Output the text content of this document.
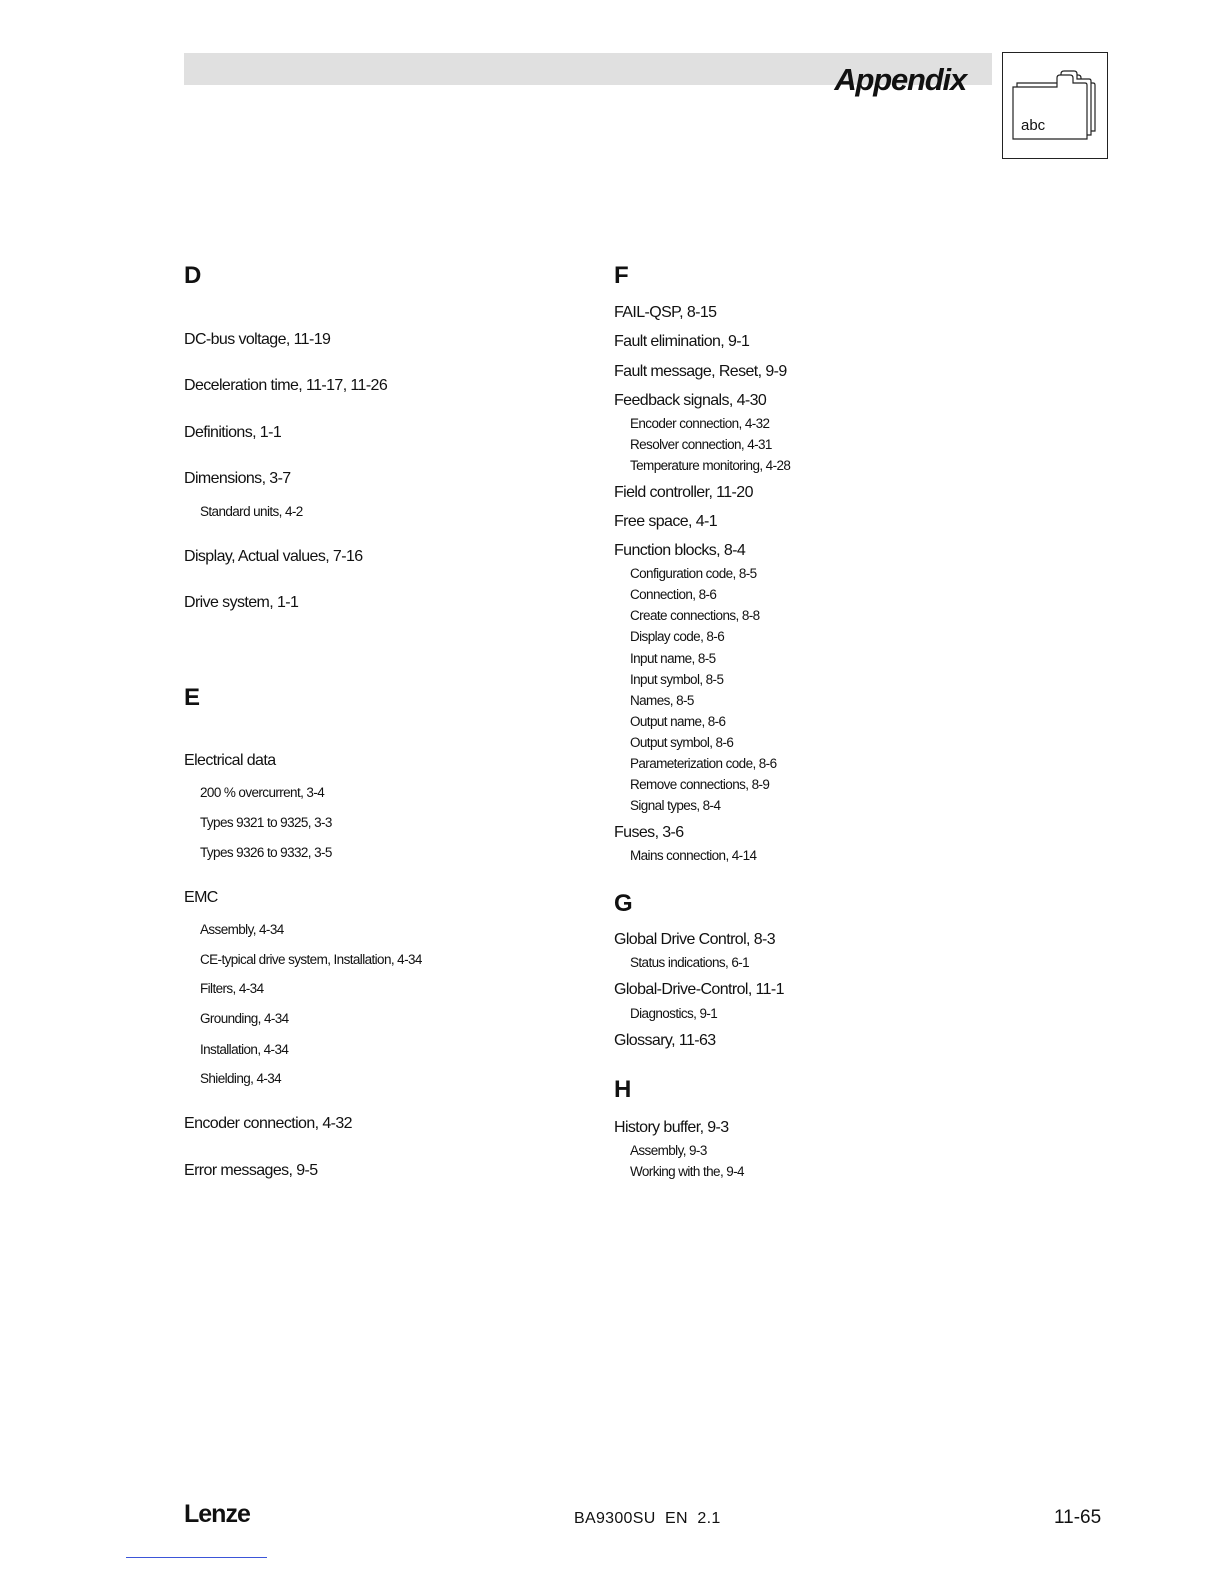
Appendix
abc
D
DC-bus voltage, 11-19
Deceleration time, 11-17, 11-26
Definitions, 1-1
Dimensions, 3-7
Standard units, 4-2
Display, Actual values, 7-16
Drive system, 1-1
E
Electrical data
200 % overcurrent, 3-4
Types 9321 to 9325, 3-3
Types 9326 to 9332, 3-5
EMC
Assembly, 4-34
CE-typical drive system, Installation, 4-34
Filters, 4-34
Grounding, 4-34
Installation, 4-34
Shielding, 4-34
Encoder connection, 4-32
Error messages, 9-5
F
FAIL-QSP, 8-15
Fault elimination, 9-1
Fault message, Reset, 9-9
Feedback signals, 4-30
Encoder connection, 4-32
Resolver connection, 4-31
Temperature monitoring, 4-28
Field controller, 11-20
Free space, 4-1
Function blocks, 8-4
Configuration code, 8-5
Connection, 8-6
Create connections, 8-8
Display code, 8-6
Input name, 8-5
Input symbol, 8-5
Names, 8-5
Output name, 8-6
Output symbol, 8-6
Parameterization code, 8-6
Remove connections, 8-9
Signal types, 8-4
Fuses, 3-6
Mains connection, 4-14
G
Global Drive Control, 8-3
Status indications, 6-1
Global-Drive-Control, 11-1
Diagnostics, 9-1
Glossary, 11-63
H
History buffer, 9-3
Assembly, 9-3
Working with the, 9-4
Lenze	BA9300SU  EN  2.1	11-65
